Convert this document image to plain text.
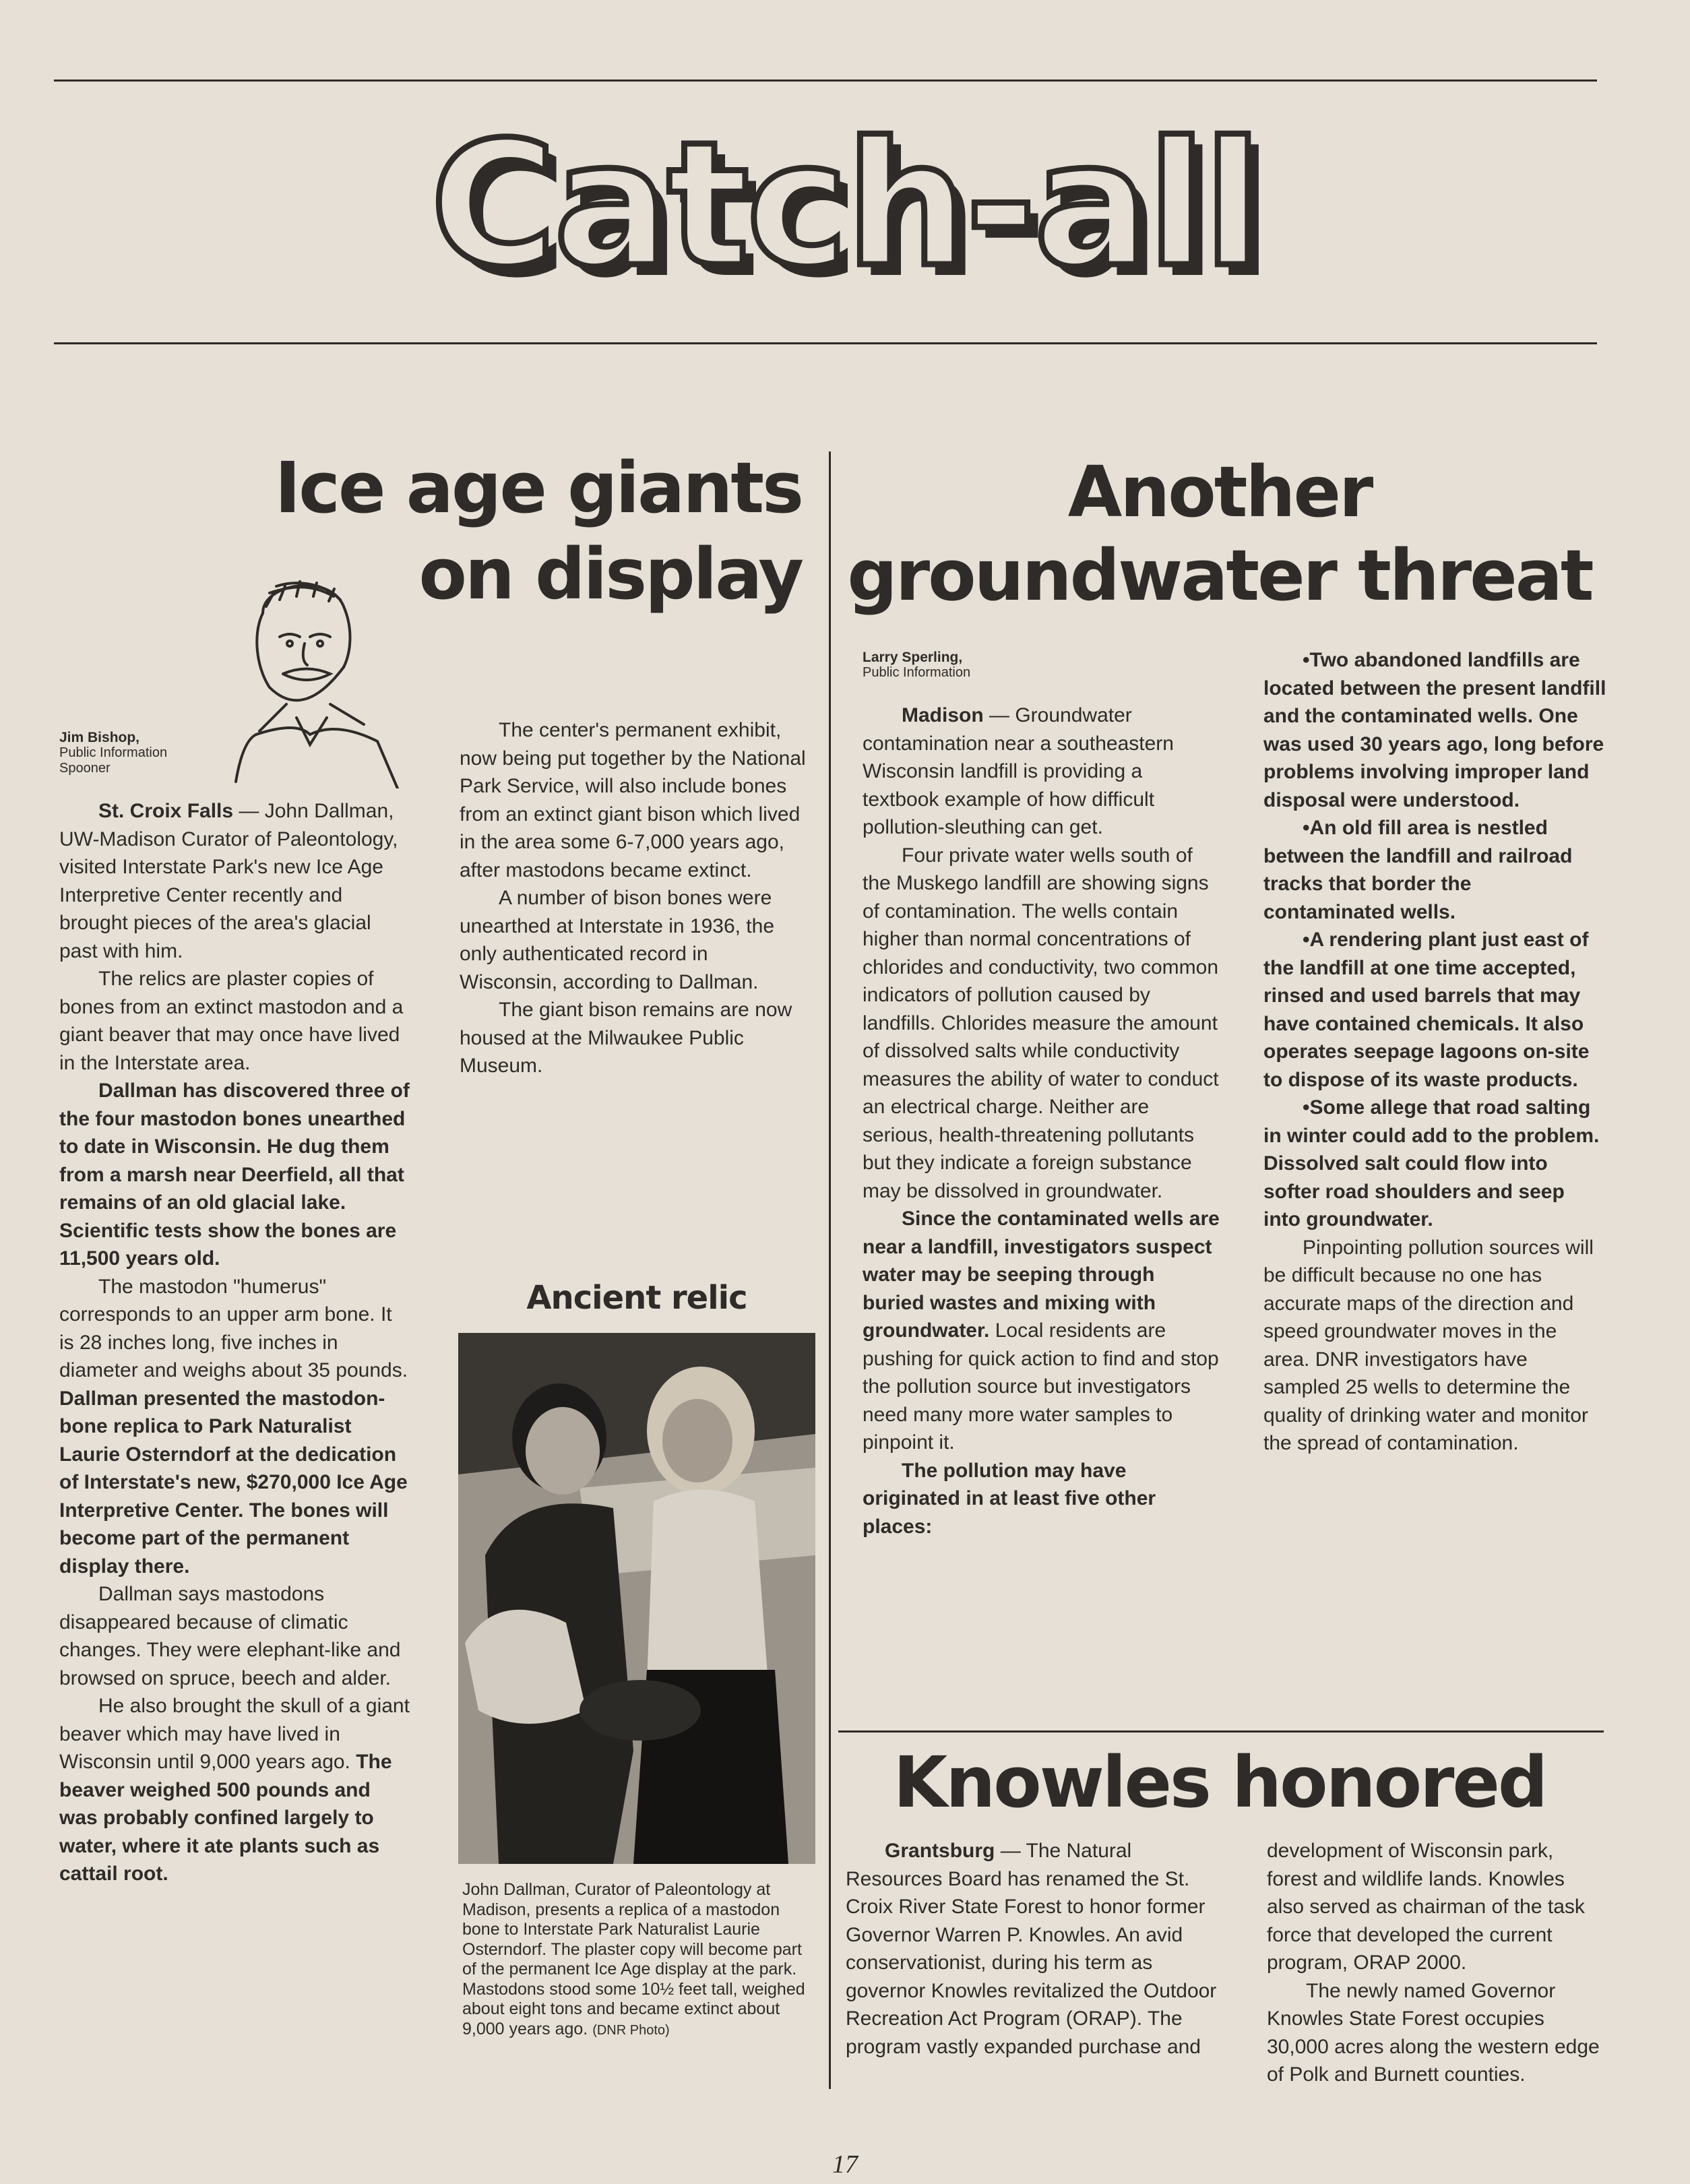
Catch-all
Ice age giants
on display
Jim Bishop,
Public Information
Spooner

St. Croix Falls — John Dallman, UW-Madison Curator of Paleontology, visited Interstate Park's new Ice Age Interpretive Center recently and brought pieces of the area's glacial past with him.

The relics are plaster copies of bones from an extinct mastodon and a giant beaver that may once have lived in the Interstate area.

Dallman has discovered three of the four mastodon bones unearthed to date in Wisconsin. He dug them from a marsh near Deerfield, all that remains of an old glacial lake. Scientific tests show the bones are 11,500 years old.

The mastodon "humerus" corresponds to an upper arm bone. It is 28 inches long, five inches in diameter and weighs about 35 pounds. Dallman presented the mastodon-bone replica to Park Naturalist Laurie Osterndorf at the dedication of Interstate's new, $270,000 Ice Age Interpretive Center. The bones will become part of the permanent display there.

Dallman says mastodons disappeared because of climatic changes. They were elephant-like and browsed on spruce, beech and alder.

He also brought the skull of a giant beaver which may have lived in Wisconsin until 9,000 years ago. The beaver weighed 500 pounds and was probably confined largely to water, where it ate plants such as cattail root.

The center's permanent exhibit, now being put together by the National Park Service, will also include bones from an extinct giant bison which lived in the area some 6-7,000 years ago, after mastodons became extinct.

A number of bison bones were unearthed at Interstate in 1936, the only authenticated record in Wisconsin, according to Dallman.

The giant bison remains are now housed at the Milwaukee Public Museum.

Ancient relic
John Dallman, Curator of Paleontology at Madison, presents a replica of a mastodon bone to Interstate Park Naturalist Laurie Osterndorf. The plaster copy will become part of the permanent Ice Age display at the park. Mastodons stood some 10½ feet tall, weighed about eight tons and became extinct about 9,000 years ago. (DNR Photo)
Another
groundwater threat
Larry Sperling,
Public Information

Madison — Groundwater contamination near a southeastern Wisconsin landfill is providing a textbook example of how difficult pollution-sleuthing can get.

Four private water wells south of the Muskego landfill are showing signs of contamination. The wells contain higher than normal concentrations of chlorides and conductivity, two common indicators of pollution caused by landfills. Chlorides measure the amount of dissolved salts while conductivity measures the ability of water to conduct an electrical charge. Neither are serious, health-threatening pollutants but they indicate a foreign substance may be dissolved in groundwater.

Since the contaminated wells are near a landfill, investigators suspect water may be seeping through buried wastes and mixing with groundwater. Local residents are pushing for quick action to find and stop the pollution source but investigators need many more water samples to pinpoint it.

The pollution may have originated in at least five other places:

•Two abandoned landfills are located between the present landfill and the contaminated wells. One was used 30 years ago, long before problems involving improper land disposal were understood.

•An old fill area is nestled between the landfill and railroad tracks that border the contaminated wells.

•A rendering plant just east of the landfill at one time accepted, rinsed and used barrels that may have contained chemicals. It also operates seepage lagoons on-site to dispose of its waste products.

•Some allege that road salting in winter could add to the problem. Dissolved salt could flow into softer road shoulders and seep into groundwater.

Pinpointing pollution sources will be difficult because no one has accurate maps of the direction and speed groundwater moves in the area. DNR investigators have sampled 25 wells to determine the quality of drinking water and monitor the spread of contamination.

Knowles honored

Grantsburg — The Natural Resources Board has renamed the St. Croix River State Forest to honor former Governor Warren P. Knowles. An avid conservationist, during his term as governor Knowles revitalized the Outdoor Recreation Act Program (ORAP). The program vastly expanded purchase and

development of Wisconsin park, forest and wildlife lands. Knowles also served as chairman of the task force that developed the current program, ORAP 2000.

The newly named Governor Knowles State Forest occupies 30,000 acres along the western edge of Polk and Burnett counties.

17
